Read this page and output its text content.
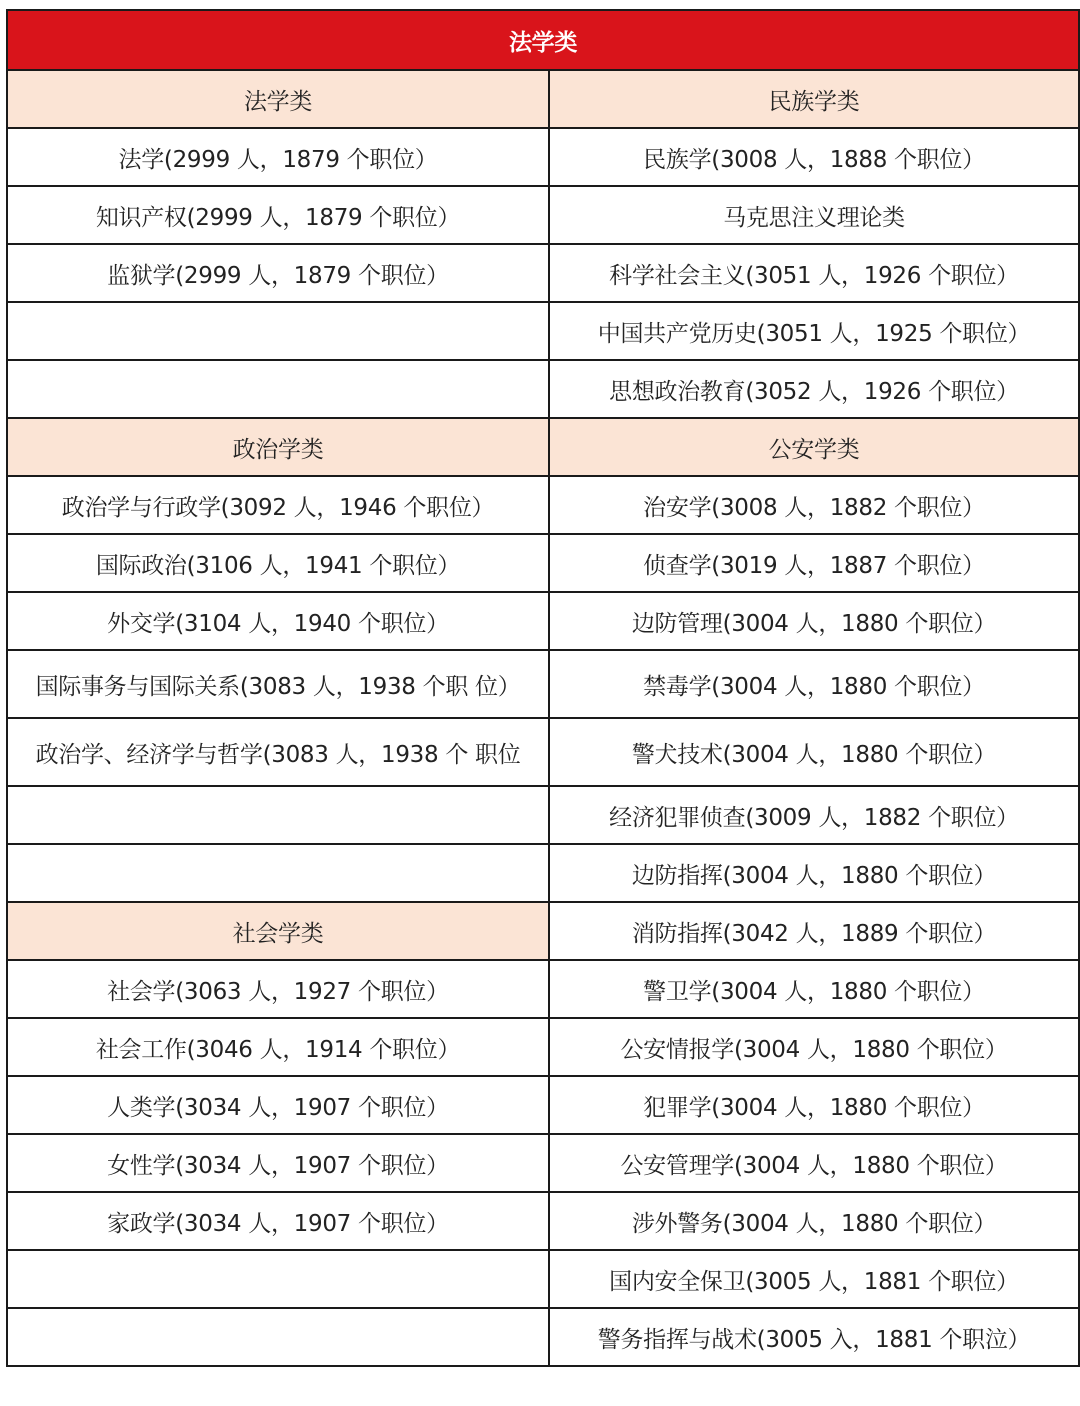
法学类	
法学类	民族学类
法学(2999 人，1879 个职位）	民族学(3008 人，1888 个职位）
知识产权(2999 人，1879 个职位）	马克思注义理论类
监狱学(2999 人，1879 个职位）	科学社会主义(3051 人，1926 个职位）
	中国共产党历史(3051 人，1925 个职位）
	思想政治教育(3052 人，1926 个职位）
政治学类	公安学类
政治学与行政学(3092 人，1946 个职位）	治安学(3008 人，1882 个职位）
国际政治(3106 人，1941 个职位）	侦查学(3019 人，1887 个职位）
外交学(3104 人，1940 个职位）	边防管理(3004 人，1880 个职位）
国际事务与国际关系(3083 人，1938 个职 位）	禁毒学(3004 人，1880 个职位）
政治学、经济学与哲学(3083 人，1938 个 职位	警犬技术(3004 人，1880 个职位）
	经济犯罪侦查(3009 人，1882 个职位）
	边防指挥(3004 人，1880 个职位）
社会学类	消防指挥(3042 人，1889 个职位）
社会学(3063 人，1927 个职位）	警卫学(3004 人，1880 个职位）
社会工作(3046 人，1914 个职位）	公安情报学(3004 人，1880 个职位）
人类学(3034 人，1907 个职位）	犯罪学(3004 人，1880 个职位）
女性学(3034 人，1907 个职位）	公安管理学(3004 人，1880 个职位）
家政学(3034 人，1907 个职位）	涉外警务(3004 人，1880 个职位）
	国内安全保卫(3005 人，1881 个职位）
	警务指挥与战术(3005 入，1881 个职泣）
